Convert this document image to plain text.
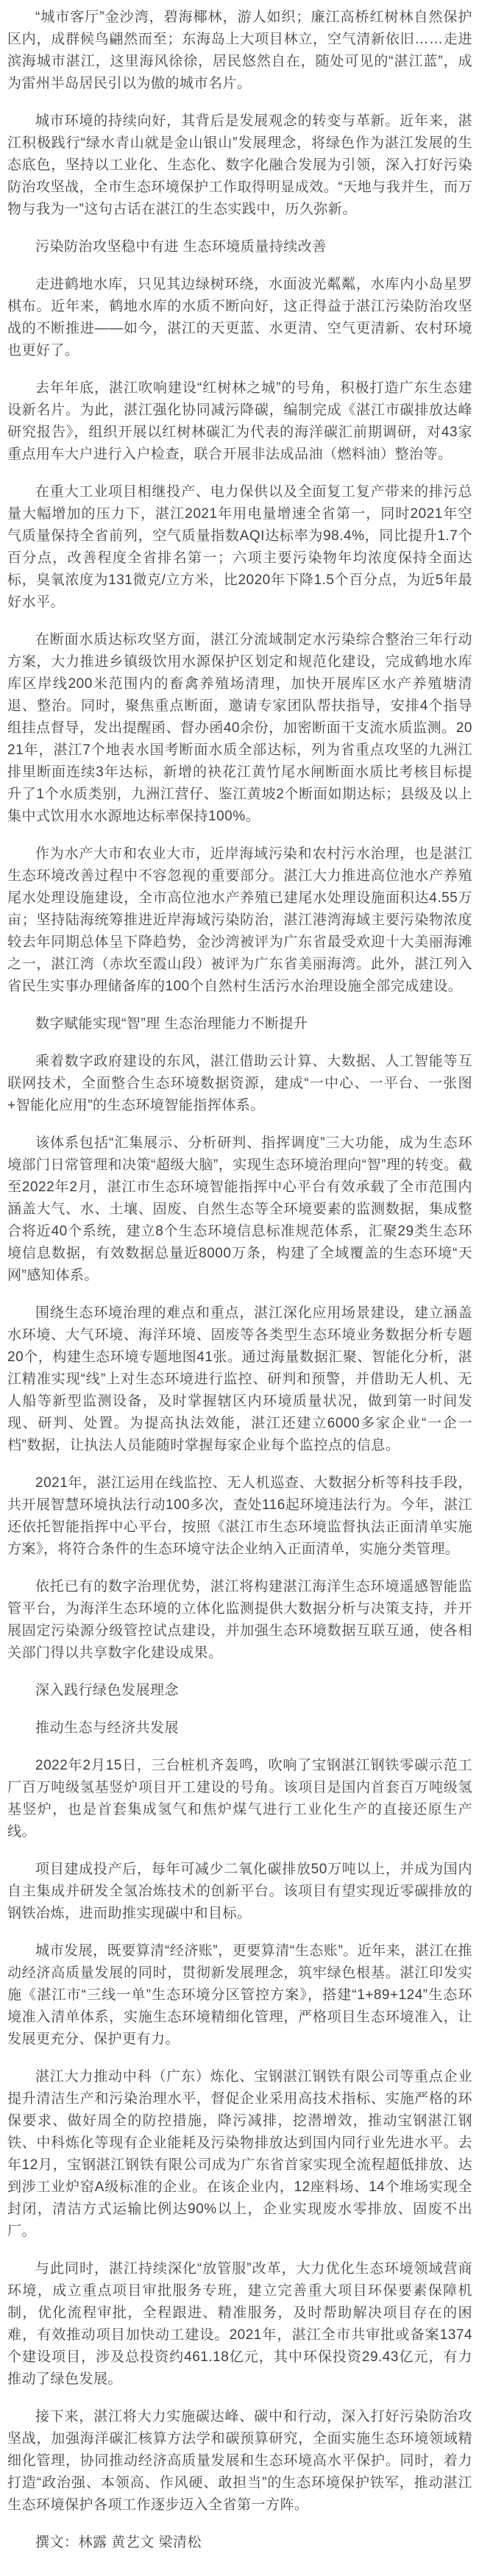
“城市客厅”金沙湾，碧海椰林，游人如织；廉江高桥红树林自然保护区内，成群候鸟翩然而至；东海岛上大项目林立，空气清新依旧……走进滨海城市湛江，这里海风徐徐，居民悠然自在，随处可见的“湛江蓝”，成为雷州半岛居民引以为傲的城市名片。

城市环境的持续向好，其背后是发展观念的转变与革新。近年来，湛江积极践行“绿水青山就是金山银山”发展理念，将绿色作为湛江发展的生态底色，坚持以工业化、生态化、数字化融合发展为引领，深入打好污染防治攻坚战，全市生态环境保护工作取得明显成效。“天地与我并生，而万物与我为一”这句古话在湛江的生态实践中，历久弥新。

污染防治攻坚稳中有进 生态环境质量持续改善

走进鹤地水库，只见其边绿树环绕，水面波光粼粼，水库内小岛星罗棋布。近年来，鹤地水库的水质不断向好，这正得益于湛江污染防治攻坚战的不断推进——如今，湛江的天更蓝、水更清、空气更清新、农村环境也更好了。

去年年底，湛江吹响建设“红树林之城”的号角，积极打造广东生态建设新名片。为此，湛江强化协同减污降碳，编制完成《湛江市碳排放达峰研究报告》，组织开展以红树林碳汇为代表的海洋碳汇前期调研，对43家重点用车大户进行入户检查，联合开展非法成品油（燃料油）整治等。

在重大工业项目相继投产、电力保供以及全面复工复产带来的排污总量大幅增加的压力下，湛江2021年用电量增速全省第一，同时2021年空气质量保持全省前列，空气质量指数AQI达标率为98.4%，同比提升1.7个百分点，改善程度全省排名第一；六项主要污染物年均浓度保持全面达标，臭氧浓度为131微克/立方米，比2020年下降1.5个百分点，为近5年最好水平。

在断面水质达标攻坚方面，湛江分流域制定水污染综合整治三年行动方案，大力推进乡镇级饮用水源保护区划定和规范化建设，完成鹤地水库库区岸线200米范围内的畜禽养殖场清理，加快开展库区水产养殖塘清退、整治。同时，聚焦重点断面，邀请专家团队帮扶指导，安排4个指导组挂点督导，发出提醒函、督办函40余份，加密断面干支流水质监测。2021年，湛江7个地表水国考断面水质全部达标，列为省重点攻坚的九洲江排里断面连续3年达标，新增的袂花江黄竹尾水闸断面水质比考核目标提升了1个水质类别，九洲江营仔、鉴江黄坡2个断面如期达标；县级及以上集中式饮用水水源地达标率保持100%。

作为水产大市和农业大市，近岸海域污染和农村污水治理，也是湛江生态环境改善过程中不容忽视的重要部分。湛江大力推进高位池水产养殖尾水处理设施建设，全市高位池水产养殖已建尾水处理设施面积达4.55万亩；坚持陆海统筹推进近岸海域污染防治，湛江港湾海域主要污染物浓度较去年同期总体呈下降趋势，金沙湾被评为广东省最受欢迎十大美丽海滩之一，湛江湾（赤坎至霞山段）被评为广东省美丽海湾。此外，湛江列入省民生实事办理储备库的100个自然村生活污水治理设施全部完成建设。

数字赋能实现“智”理 生态治理能力不断提升

乘着数字政府建设的东风，湛江借助云计算、大数据、人工智能等互联网技术，全面整合生态环境数据资源，建成“一中心、一平台、一张图+智能化应用”的生态环境智能指挥体系。

该体系包括“汇集展示、分析研判、指挥调度”三大功能，成为生态环境部门日常管理和决策“超级大脑”，实现生态环境治理向“智”理的转变。截至2022年2月，湛江市生态环境智能指挥中心平台有效承载了全市范围内涵盖大气、水、土壤、固废、自然生态等全环境要素的监测数据，集成整合将近40个系统，建立8个生态环境信息标准规范体系，汇聚29类生态环境信息数据，有效数据总量近8000万条，构建了全域覆盖的生态环境“天网”感知体系。

围绕生态环境治理的难点和重点，湛江深化应用场景建设，建立涵盖水环境、大气环境、海洋环境、固废等各类型生态环境业务数据分析专题20个，构建生态环境专题地图41张。通过海量数据汇聚、智能化分析，湛江精准实现“线”上对生态环境进行监控、研判和预警，并借助无人机、无人船等新型监测设备，及时掌握辖区内环境质量状况，做到第一时间发现、研判、处置。为提高执法效能，湛江还建立6000多家企业“一企一档”数据，让执法人员能随时掌握每家企业每个监控点的信息。

2021年，湛江运用在线监控、无人机巡查、大数据分析等科技手段，共开展智慧环境执法行动100多次，查处116起环境违法行为。今年，湛江还依托智能指挥中心平台，按照《湛江市生态环境监督执法正面清单实施方案》，将符合条件的生态环境守法企业纳入正面清单，实施分类管理。

依托已有的数字治理优势，湛江将构建湛江海洋生态环境遥感智能监管平台，为海洋生态环境的立体化监测提供大数据分析与决策支持，并开展固定污染源分级管控试点建设，并加强生态环境数据互联互通，使各相关部门得以共享数字化建设成果。

深入践行绿色发展理念

推动生态与经济共发展

2022年2月15日，三台桩机齐轰鸣，吹响了宝钢湛江钢铁零碳示范工厂百万吨级氢基竖炉项目开工建设的号角。该项目是国内首套百万吨级氢基竖炉，也是首套集成氢气和焦炉煤气进行工业化生产的直接还原生产线。

项目建成投产后，每年可减少二氧化碳排放50万吨以上，并成为国内自主集成并研发全氢冶炼技术的创新平台。该项目有望实现近零碳排放的钢铁冶炼，进而助推实现碳中和目标。

城市发展，既要算清“经济账”，更要算清“生态账”。近年来，湛江在推动经济高质量发展的同时，贯彻新发展理念，筑牢绿色根基。湛江印发实施《湛江市“三线一单”生态环境分区管控方案》，搭建“1+89+124”生态环境准入清单体系，实施生态环境精细化管理，严格项目生态环境准入，让发展更充分、保护更有力。

湛江大力推动中科（广东）炼化、宝钢湛江钢铁有限公司等重点企业提升清洁生产和污染治理水平，督促企业采用高技术指标、实施严格的环保要求、做好周全的防控措施，降污减排，挖潜增效，推动宝钢湛江钢铁、中科炼化等现有企业能耗及污染物排放达到国内同行业先进水平。去年12月，宝钢湛江钢铁有限公司成为广东省首家实现全流程超低排放、达到涉工业炉窑A级标准的企业。在该企业内，12座料场、14个堆场实现全封闭，清洁方式运输比例达90%以上，企业实现废水零排放、固废不出厂。

与此同时，湛江持续深化“放管服”改革，大力优化生态环境领域营商环境，成立重点项目审批服务专班，建立完善重大项目环保要素保障机制，优化流程审批，全程跟进、精准服务，及时帮助解决项目存在的困难，有效推动项目加快动工建设。2021年，湛江全市共审批或备案1374个建设项目，涉及总投资约461.18亿元，其中环保投资29.43亿元，有力推动了绿色发展。

接下来，湛江将大力实施碳达峰、碳中和行动，深入打好污染防治攻坚战，加强海洋碳汇核算方法学和碳预算研究，全面实施生态环境领域精细化管理，协同推动经济高质量发展和生态环境高水平保护。同时，着力打造“政治强、本领高、作风硬、敢担当”的生态环境保护铁军，推动湛江生态环境保护各项工作逐步迈入全省第一方阵。

撰文：林露 黄艺文 梁清松
